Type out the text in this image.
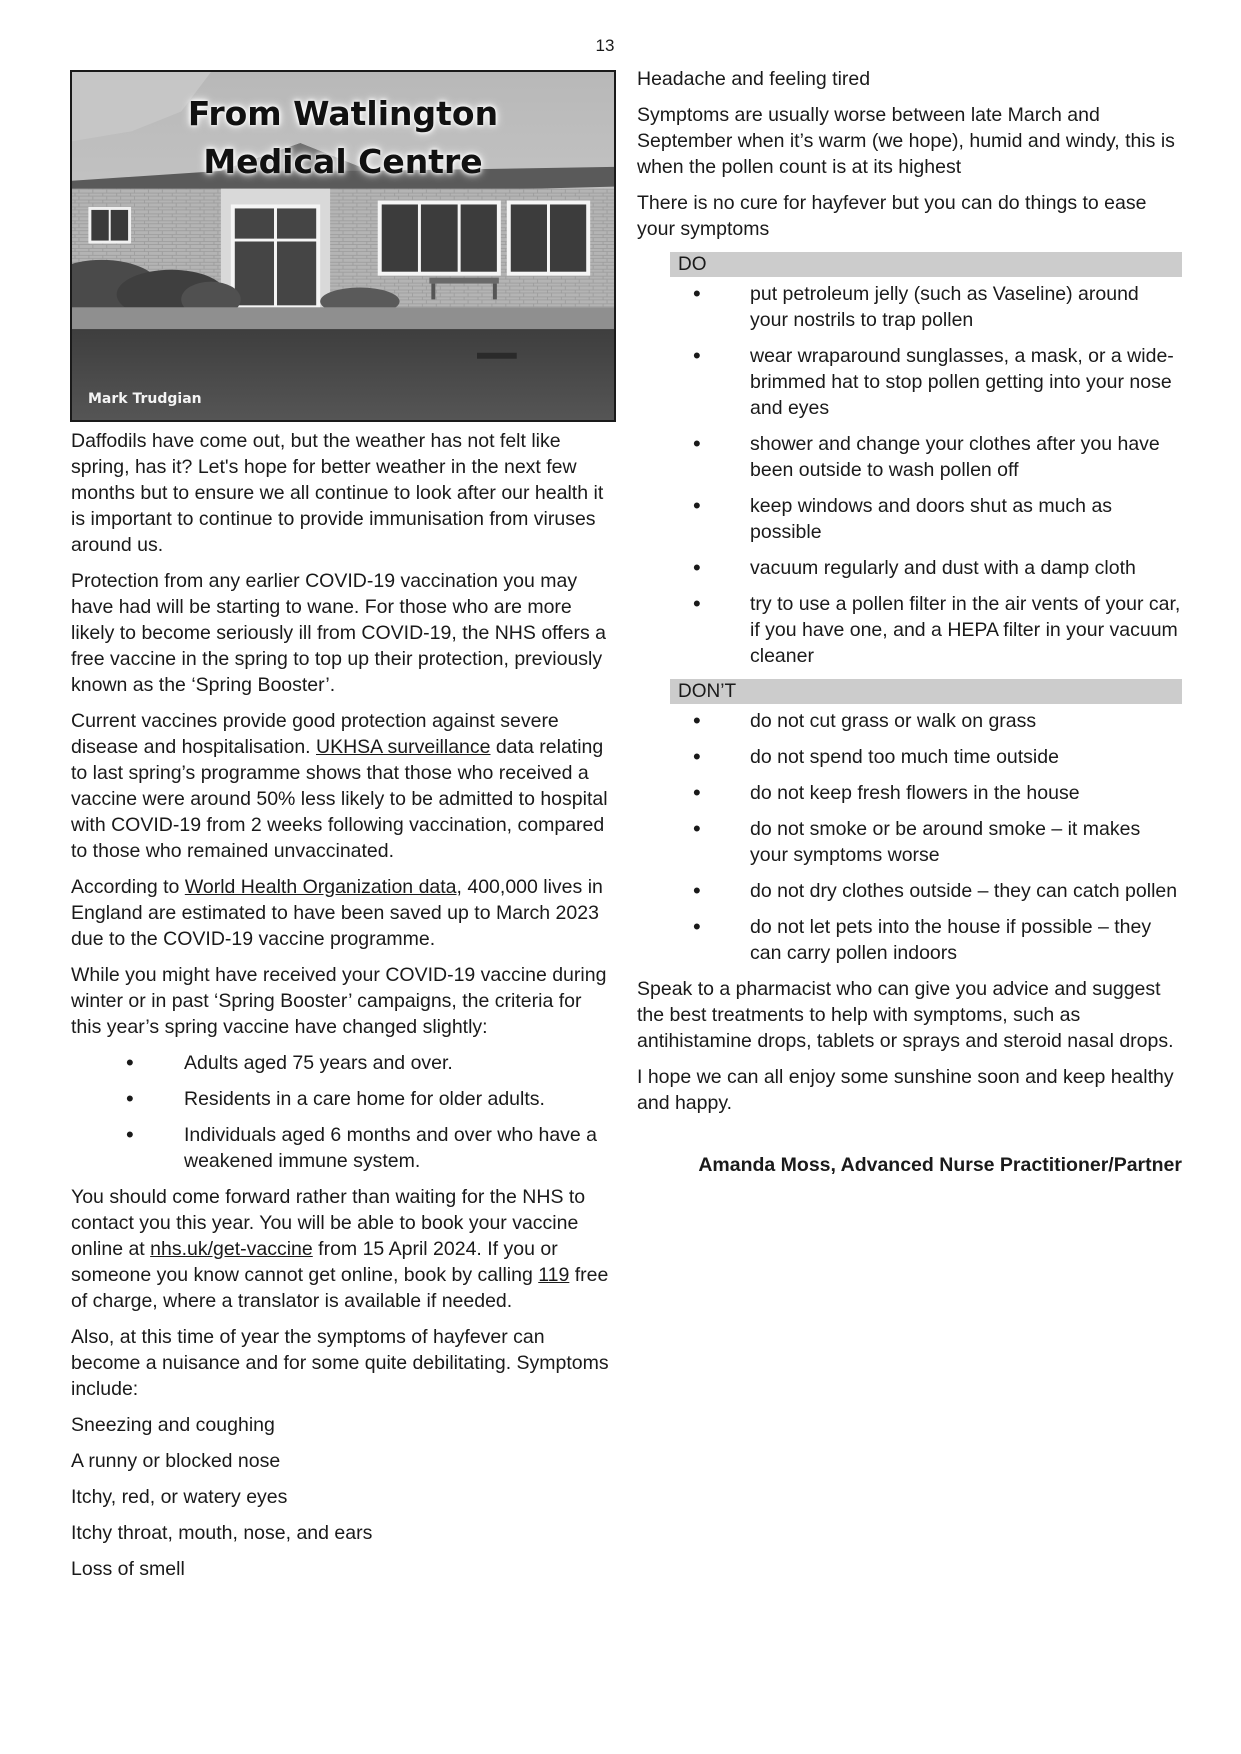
13
From Watlington
Medical Centre
Mark Trudgian

Daffodils have come out, but the weather has not felt like spring, has it? Let's hope for better weather in the next few months but to ensure we all continue to look after our health it is important to continue to provide immunisation from viruses around us.

Protection from any earlier COVID-19 vaccination you may have had will be starting to wane. For those who are more likely to become seriously ill from COVID-19, the NHS offers a free vaccine in the spring to top up their protection, previously known as the ‘Spring Booster’.

Current vaccines provide good protection against severe disease and hospitalisation. UKHSA surveillance data relating to last spring’s programme shows that those who received a vaccine were around 50% less likely to be admitted to hospital with COVID-19 from 2 weeks following vaccination, compared to those who remained unvaccinated.

According to World Health Organization data, 400,000 lives in England are estimated to have been saved up to March 2023 due to the COVID-19 vaccine programme.

While you might have received your COVID-19 vaccine during winter or in past ‘Spring Booster’ campaigns, the criteria for this year’s spring vaccine have changed slightly:

• Adults aged 75 years and over.
• Residents in a care home for older adults.
• Individuals aged 6 months and over who have a weakened immune system.

You should come forward rather than waiting for the NHS to contact you this year. You will be able to book your vaccine online at nhs.uk/get-vaccine from 15 April 2024. If you or someone you know cannot get online, book by calling 119 free of charge, where a translator is available if needed.

Also, at this time of year the symptoms of hayfever can become a nuisance and for some quite debilitating. Symptoms include:

Sneezing and coughing

A runny or blocked nose

Itchy, red, or watery eyes

Itchy throat, mouth, nose, and ears

Loss of smell

Headache and feeling tired

Symptoms are usually worse between late March and September when it’s warm (we hope), humid and windy, this is when the pollen count is at its highest

There is no cure for hayfever but you can do things to ease your symptoms

DO
• put petroleum jelly (such as Vaseline) around your nostrils to trap pollen
• wear wraparound sunglasses, a mask, or a wide-brimmed hat to stop pollen getting into your nose and eyes
• shower and change your clothes after you have been outside to wash pollen off
• keep windows and doors shut as much as possible
• vacuum regularly and dust with a damp cloth
• try to use a pollen filter in the air vents of your car, if you have one, and a HEPA filter in your vacuum cleaner
DON’T
• do not cut grass or walk on grass
• do not spend too much time outside
• do not keep fresh flowers in the house
• do not smoke or be around smoke – it makes your symptoms worse
• do not dry clothes outside – they can catch pollen
• do not let pets into the house if possible – they can carry pollen indoors

Speak to a pharmacist who can give you advice and suggest the best treatments to help with symptoms, such as antihistamine drops, tablets or sprays and steroid nasal drops.

I hope we can all enjoy some sunshine soon and keep healthy and happy.

Amanda Moss, Advanced Nurse Practitioner/Partner
